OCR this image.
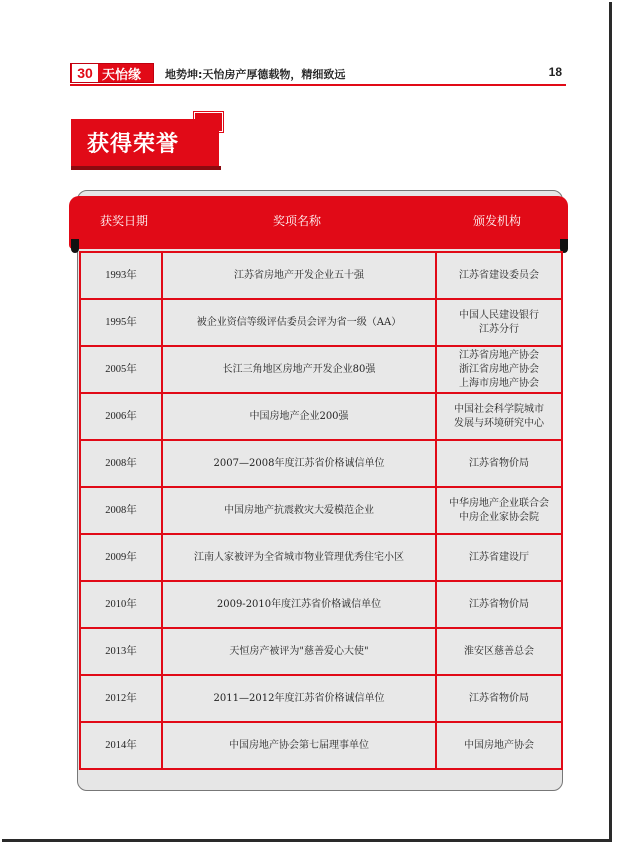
30 天怡缘 地势坤:天怡房产厚德载物，精细致远	18
获得荣誉
获奖日期	奖项名称	颁发机构
1993年	江苏省房地产开发企业五十强	江苏省建设委员会
1995年	被企业资信等级评估委员会评为省一级（AA）	中国人民建设银行
江苏分行
2005年	长江三角地区房地产开发企业80强	江苏省房地产协会
浙江省房地产协会
上海市房地产协会
2006年	中国房地产企业200强	中国社会科学院城市
发展与环境研究中心
2008年	2007—2008年度江苏省价格诚信单位	江苏省物价局
2008年	中国房地产抗震救灾大爱模范企业	中华房地产企业联合会
中房企业家协会院
2009年	江南人家被评为全省城市物业管理优秀住宅小区	江苏省建设厅
2010年	2009-2010年度江苏省价格诚信单位	江苏省物价局
2013年	天恒房产被评为"慈善爱心大使"	淮安区慈善总会
2012年	2011—2012年度江苏省价格诚信单位	江苏省物价局
2014年	中国房地产协会第七届理事单位	中国房地产协会
